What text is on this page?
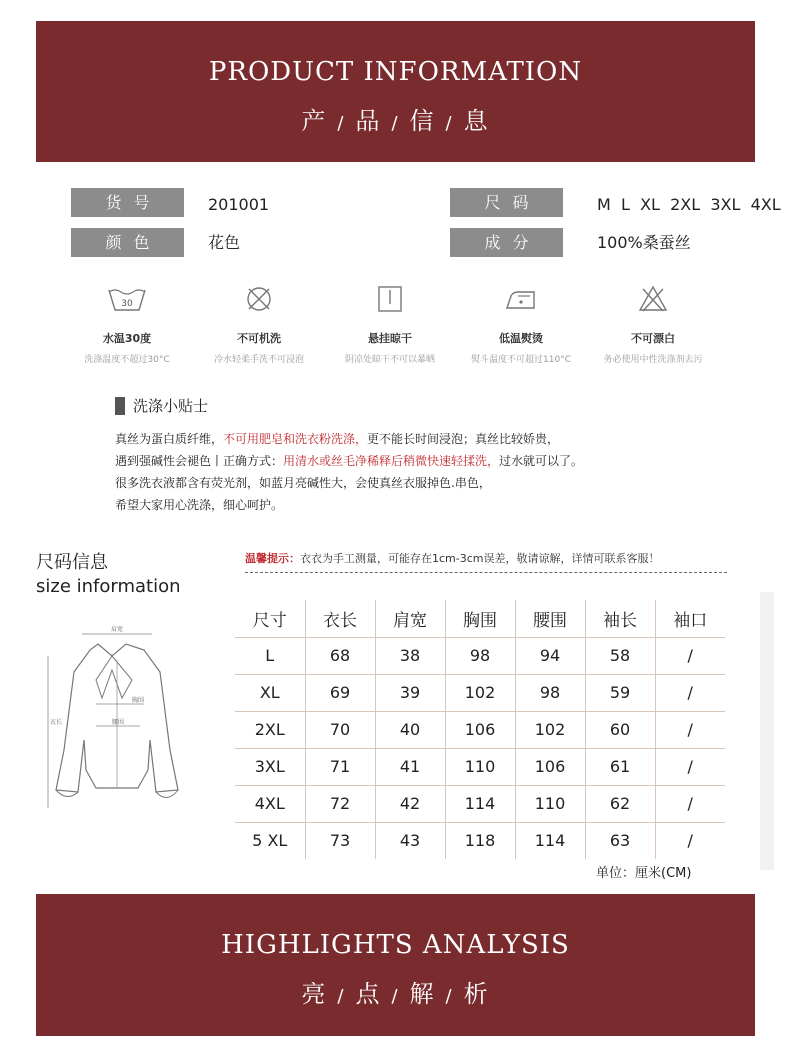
PRODUCT INFORMATION
产 / 品 / 信 / 息
货号	201001
颜色	花色
尺码	M  L  XL  2XL  3XL  4XL
成分	100%桑蚕丝
30
水温30度
洗涤温度不超过30°C
不可机洗
冷水轻柔手洗不可浸泡
悬挂晾干
阴凉处晾干不可以暴晒
低温熨烫
熨斗温度不可超过110°C
不可漂白
务必使用中性洗涤剂去污
洗涤小贴士
真丝为蛋白质纤维，不可用肥皂和洗衣粉洗涤，更不能长时间浸泡；真丝比较娇贵，
遇到强碱性会褪色丨正确方式：用清水或丝毛净稀释后稍微快速轻揉洗，过水就可以了。
很多洗衣液都含有荧光剂，如蓝月亮碱性大，会使真丝衣服掉色.串色，
希望大家用心洗涤，细心呵护。
尺码信息
size information
温馨提示：衣衣为手工测量，可能存在1cm-3cm误差，敬请谅解，详情可联系客服！
肩宽
衣长
胸围
腰围
尺寸	衣长	肩宽	胸围	腰围	袖长	袖口
L	68	38	98	94	58	/
XL	69	39	102	98	59	/
2XL	70	40	106	102	60	/
3XL	71	41	110	106	61	/
4XL	72	42	114	110	62	/
5 XL	73	43	118	114	63	/
单位：厘米(CM)
HIGHLIGHTS ANALYSIS
亮 / 点 / 解 / 析
